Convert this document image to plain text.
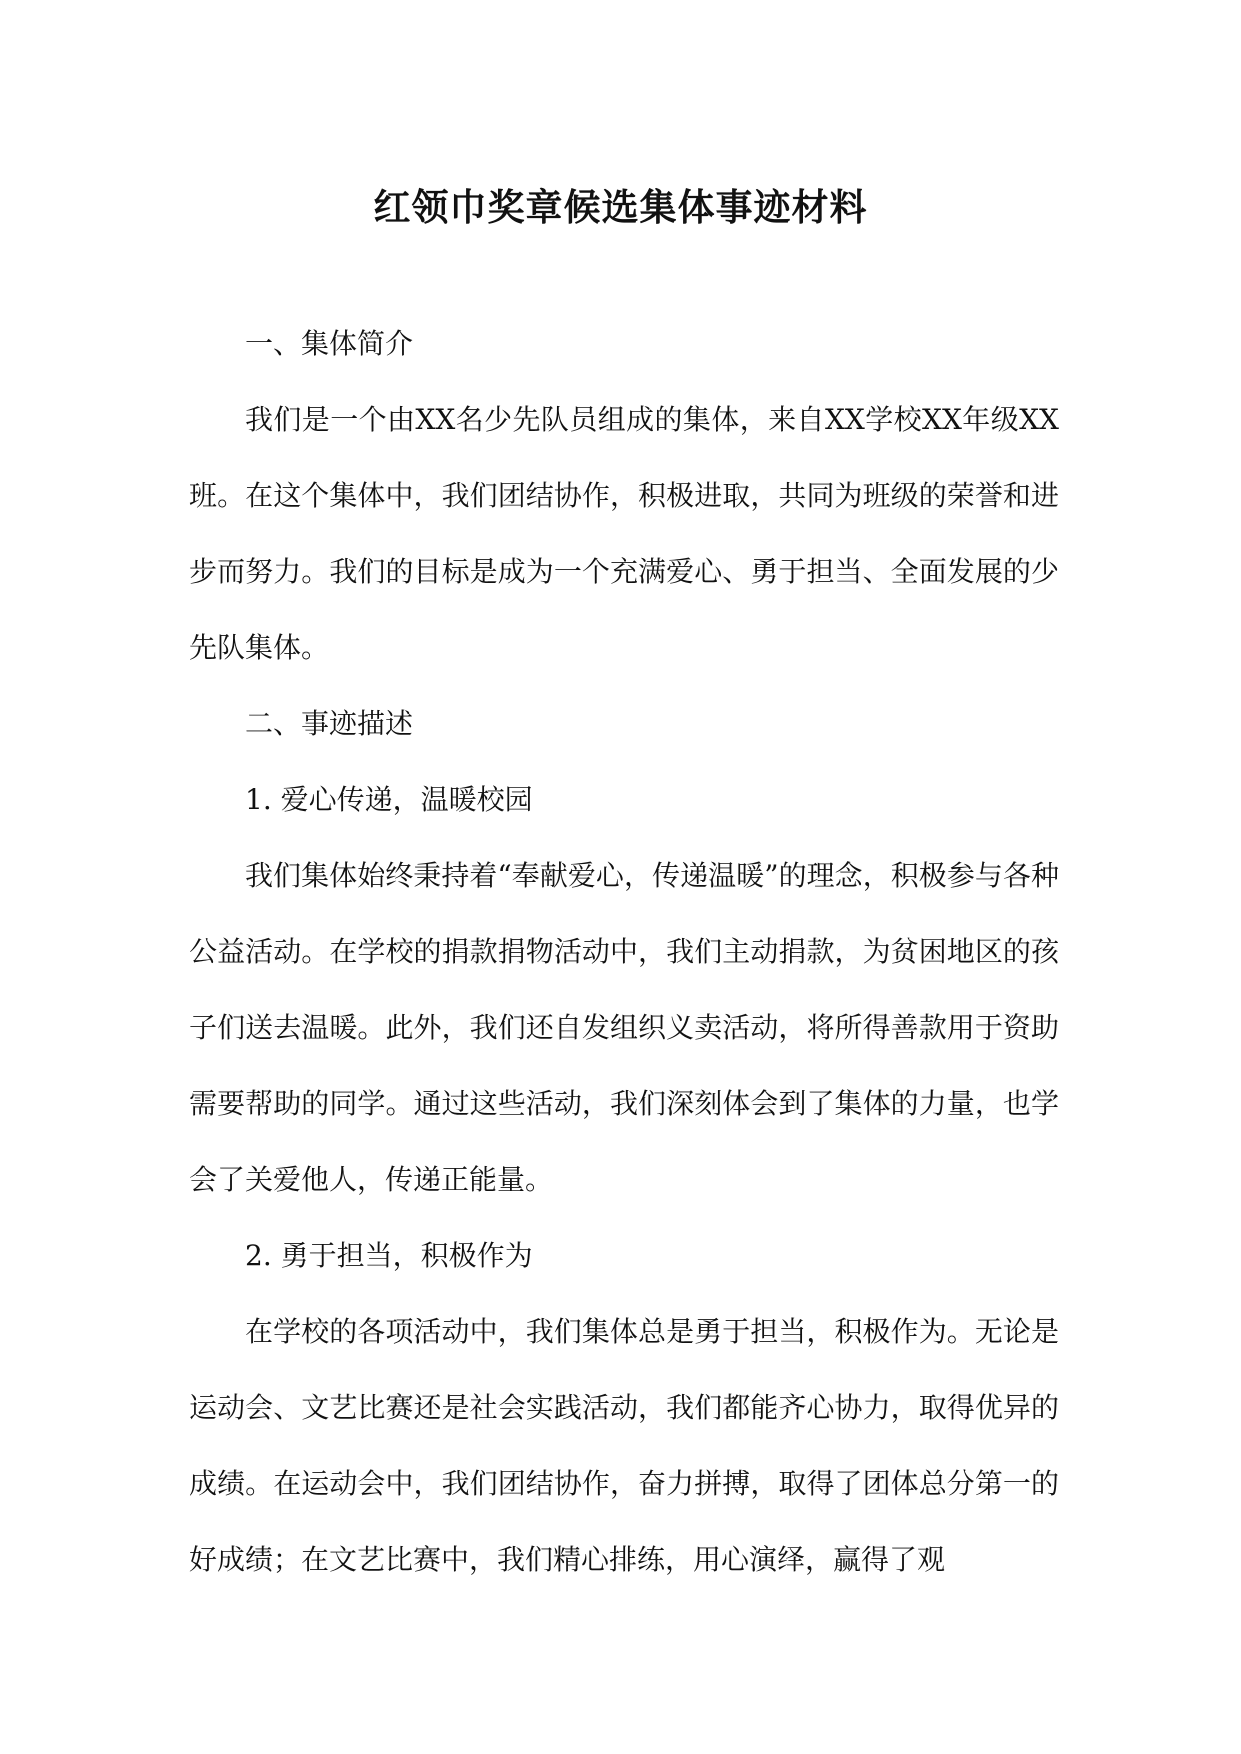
红领巾奖章候选集体事迹材料

一、集体简介

我们是一个由XX名少先队员组成的集体，来自XX学校XX年级XX班。在这个集体中，我们团结协作，积极进取，共同为班级的荣誉和进步而努力。我们的目标是成为一个充满爱心、勇于担当、全面发展的少先队集体。

二、事迹描述

1. 爱心传递，温暖校园

我们集体始终秉持着“奉献爱心，传递温暖”的理念，积极参与各种公益活动。在学校的捐款捐物活动中，我们主动捐款，为贫困地区的孩子们送去温暖。此外，我们还自发组织义卖活动，将所得善款用于资助需要帮助的同学。通过这些活动，我们深刻体会到了集体的力量，也学会了关爱他人，传递正能量。

2. 勇于担当，积极作为

在学校的各项活动中，我们集体总是勇于担当，积极作为。无论是运动会、文艺比赛还是社会实践活动，我们都能齐心协力，取得优异的成绩。在运动会中，我们团结协作，奋力拼搏，取得了团体总分第一的好成绩；在文艺比赛中，我们精心排练，用心演绎，赢得了观
